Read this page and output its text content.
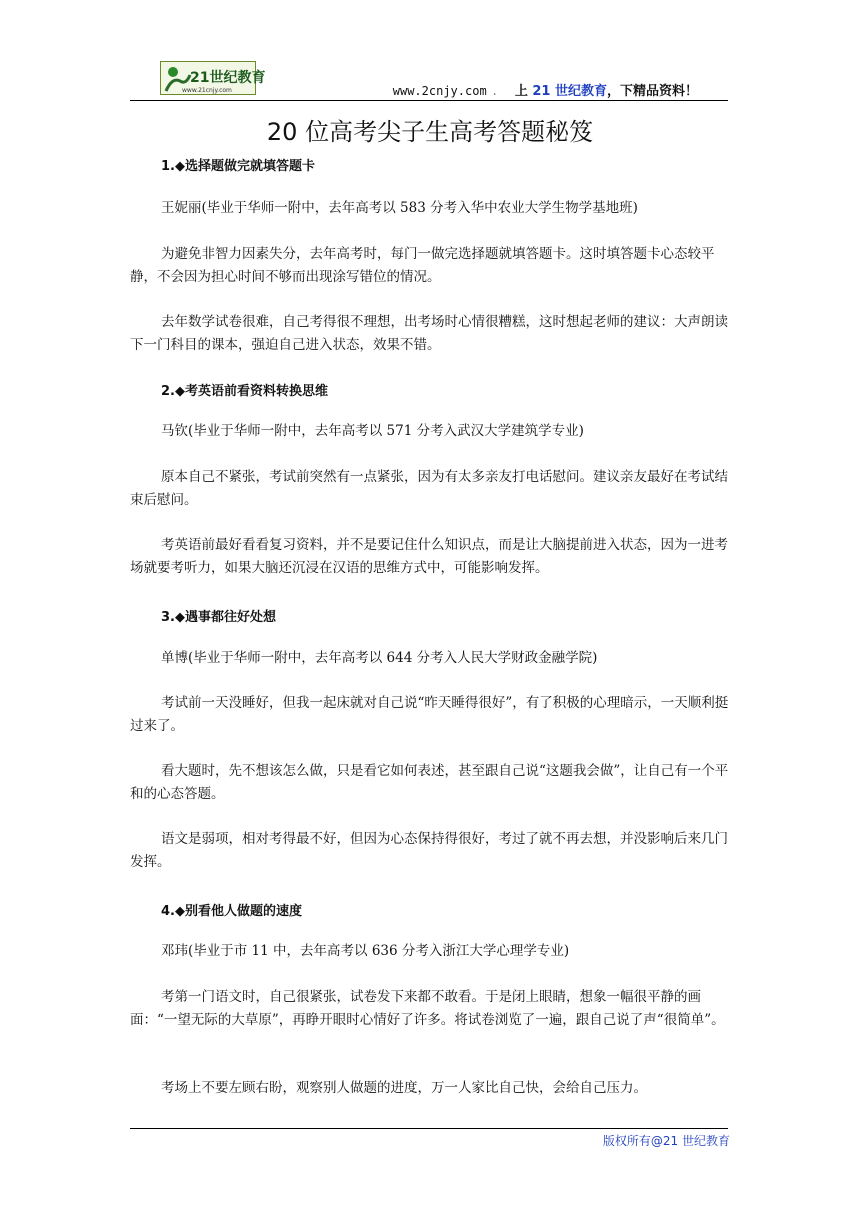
21世纪教育
www.21cnjy.com	www.2cnjy.com . 上 21 世纪教育，下精品资料！
20 位高考尖子生高考答题秘笈
1.◆选择题做完就填答题卡

王妮丽(毕业于华师一附中，去年高考以 583 分考入华中农业大学生物学基地班)

为避免非智力因素失分，去年高考时，每门一做完选择题就填答题卡。这时填答题卡心态较平静，不会因为担心时间不够而出现涂写错位的情况。

去年数学试卷很难，自己考得很不理想，出考场时心情很糟糕，这时想起老师的建议：大声朗读下一门科目的课本，强迫自己进入状态，效果不错。

2.◆考英语前看资料转换思维

马钦(毕业于华师一附中，去年高考以 571 分考入武汉大学建筑学专业)

原本自己不紧张，考试前突然有一点紧张，因为有太多亲友打电话慰问。建议亲友最好在考试结束后慰问。

考英语前最好看看复习资料，并不是要记住什么知识点，而是让大脑提前进入状态，因为一进考场就要考听力，如果大脑还沉浸在汉语的思维方式中，可能影响发挥。

3.◆遇事都往好处想

单博(毕业于华师一附中，去年高考以 644 分考入人民大学财政金融学院)

考试前一天没睡好，但我一起床就对自己说“昨天睡得很好”，有了积极的心理暗示，一天顺利挺过来了。

看大题时，先不想该怎么做，只是看它如何表述，甚至跟自己说“这题我会做”，让自己有一个平和的心态答题。

语文是弱项，相对考得最不好，但因为心态保持得很好，考过了就不再去想，并没影响后来几门发挥。

4.◆别看他人做题的速度

邓玮(毕业于市 11 中，去年高考以 636 分考入浙江大学心理学专业)

考第一门语文时，自己很紧张，试卷发下来都不敢看。于是闭上眼睛，想象一幅很平静的画面：“一望无际的大草原”，再睁开眼时心情好了许多。将试卷浏览了一遍，跟自己说了声“很简单”。

考场上不要左顾右盼，观察别人做题的进度，万一人家比自己快，会给自己压力。

版权所有@21 世纪教育
